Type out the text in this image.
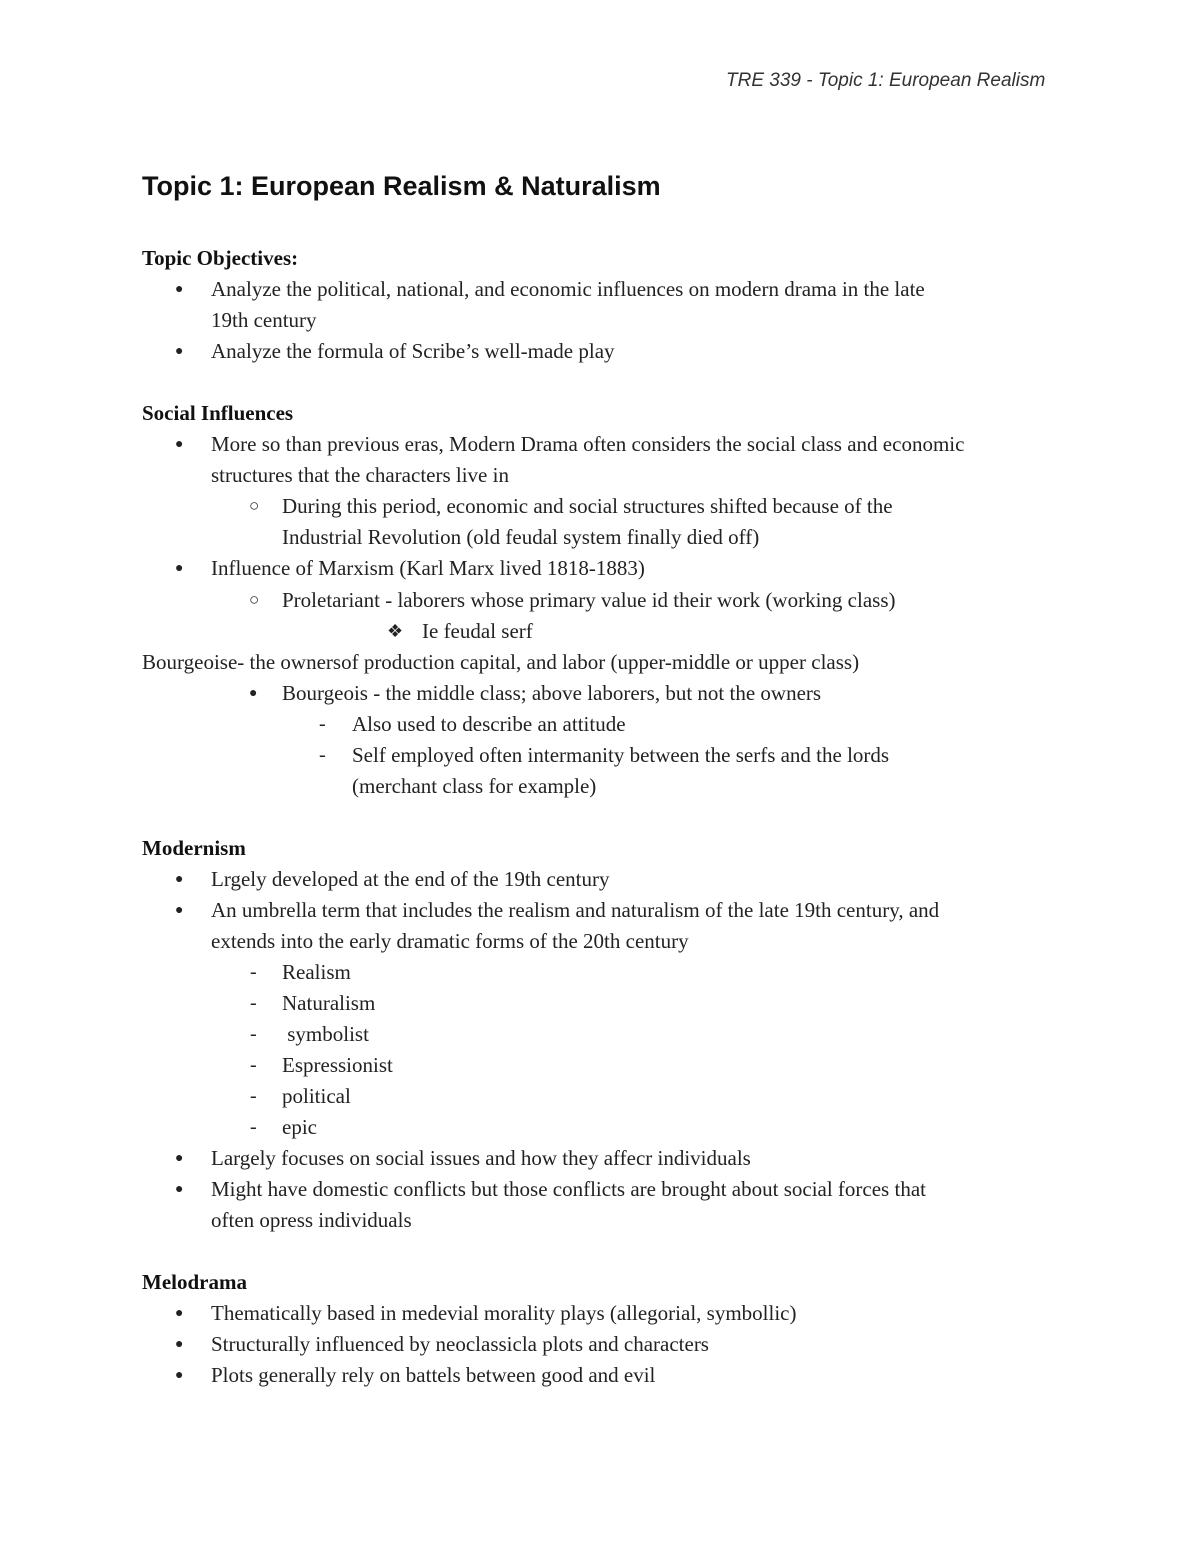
TRE 339 - Topic 1: European Realism
Topic 1: European Realism & Naturalism
Topic Objectives:
● Analyze the political, national, and economic influences on modern drama in the late
19th century
● Analyze the formula of Scribe’s well-made play
Social Influences
● More so than previous eras, Modern Drama often considers the social class and economic
structures that the characters live in
○ During this period, economic and social structures shifted because of the
Industrial Revolution (old feudal system finally died off)
● Influence of Marxism (Karl Marx lived 1818-1883)
○ Proletariant - laborers whose primary value id their work (working class)
❖ Ie feudal serf
Bourgeoise- the ownersof production capital, and labor (upper-middle or upper class)
● Bourgeois - the middle class; above laborers, but not the owners
- Also used to describe an attitude
- Self employed often intermanity between the serfs and the lords
(merchant class for example)
Modernism
● Lrgely developed at the end of the 19th century
● An umbrella term that includes the realism and naturalism of the late 19th century, and
extends into the early dramatic forms of the 20th century
- Realism
- Naturalism
- symbolist
- Espressionist
- political
- epic
● Largely focuses on social issues and how they affecr individuals
● Might have domestic conflicts but those conflicts are brought about social forces that
often opress individuals
Melodrama
● Thematically based in medevial morality plays (allegorial, symbollic)
● Structurally influenced by neoclassicla plots and characters
● Plots generally rely on battels between good and evil
